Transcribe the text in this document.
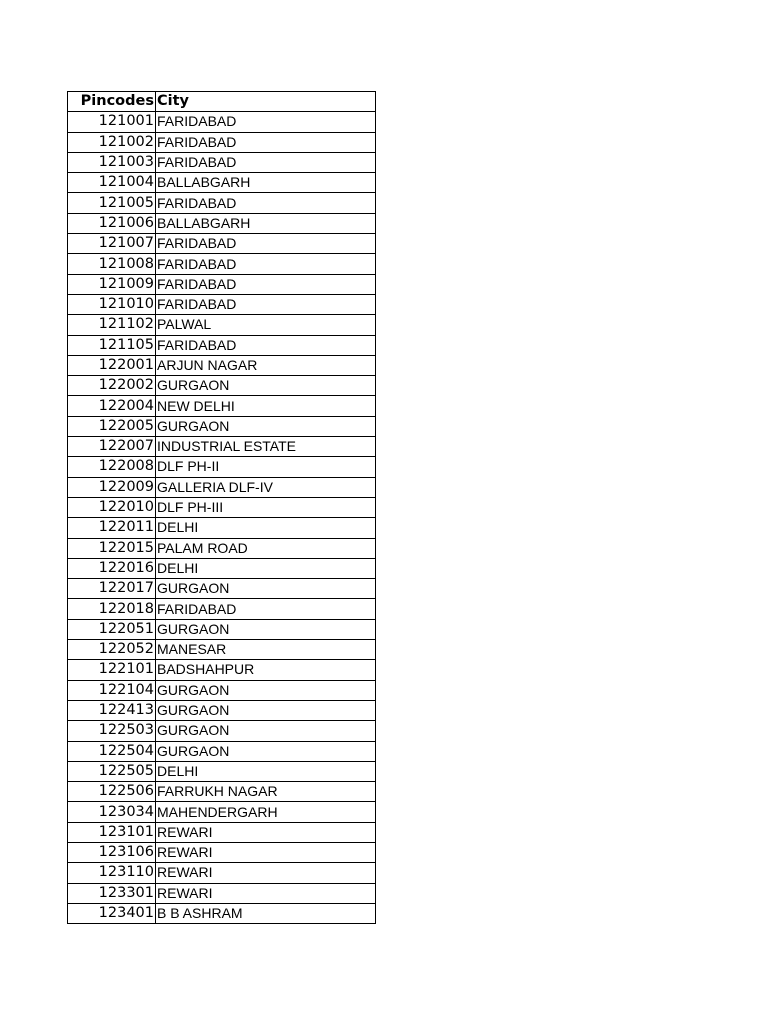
Pincodes	City
121001	FARIDABAD
121002	FARIDABAD
121003	FARIDABAD
121004	BALLABGARH
121005	FARIDABAD
121006	BALLABGARH
121007	FARIDABAD
121008	FARIDABAD
121009	FARIDABAD
121010	FARIDABAD
121102	PALWAL
121105	FARIDABAD
122001	ARJUN NAGAR
122002	GURGAON
122004	NEW DELHI
122005	GURGAON
122007	INDUSTRIAL ESTATE
122008	DLF PH-II
122009	GALLERIA DLF-IV
122010	DLF PH-III
122011	DELHI
122015	PALAM ROAD
122016	DELHI
122017	GURGAON
122018	FARIDABAD
122051	GURGAON
122052	MANESAR
122101	BADSHAHPUR
122104	GURGAON
122413	GURGAON
122503	GURGAON
122504	GURGAON
122505	DELHI
122506	FARRUKH NAGAR
123034	MAHENDERGARH
123101	REWARI
123106	REWARI
123110	REWARI
123301	REWARI
123401	B B ASHRAM
